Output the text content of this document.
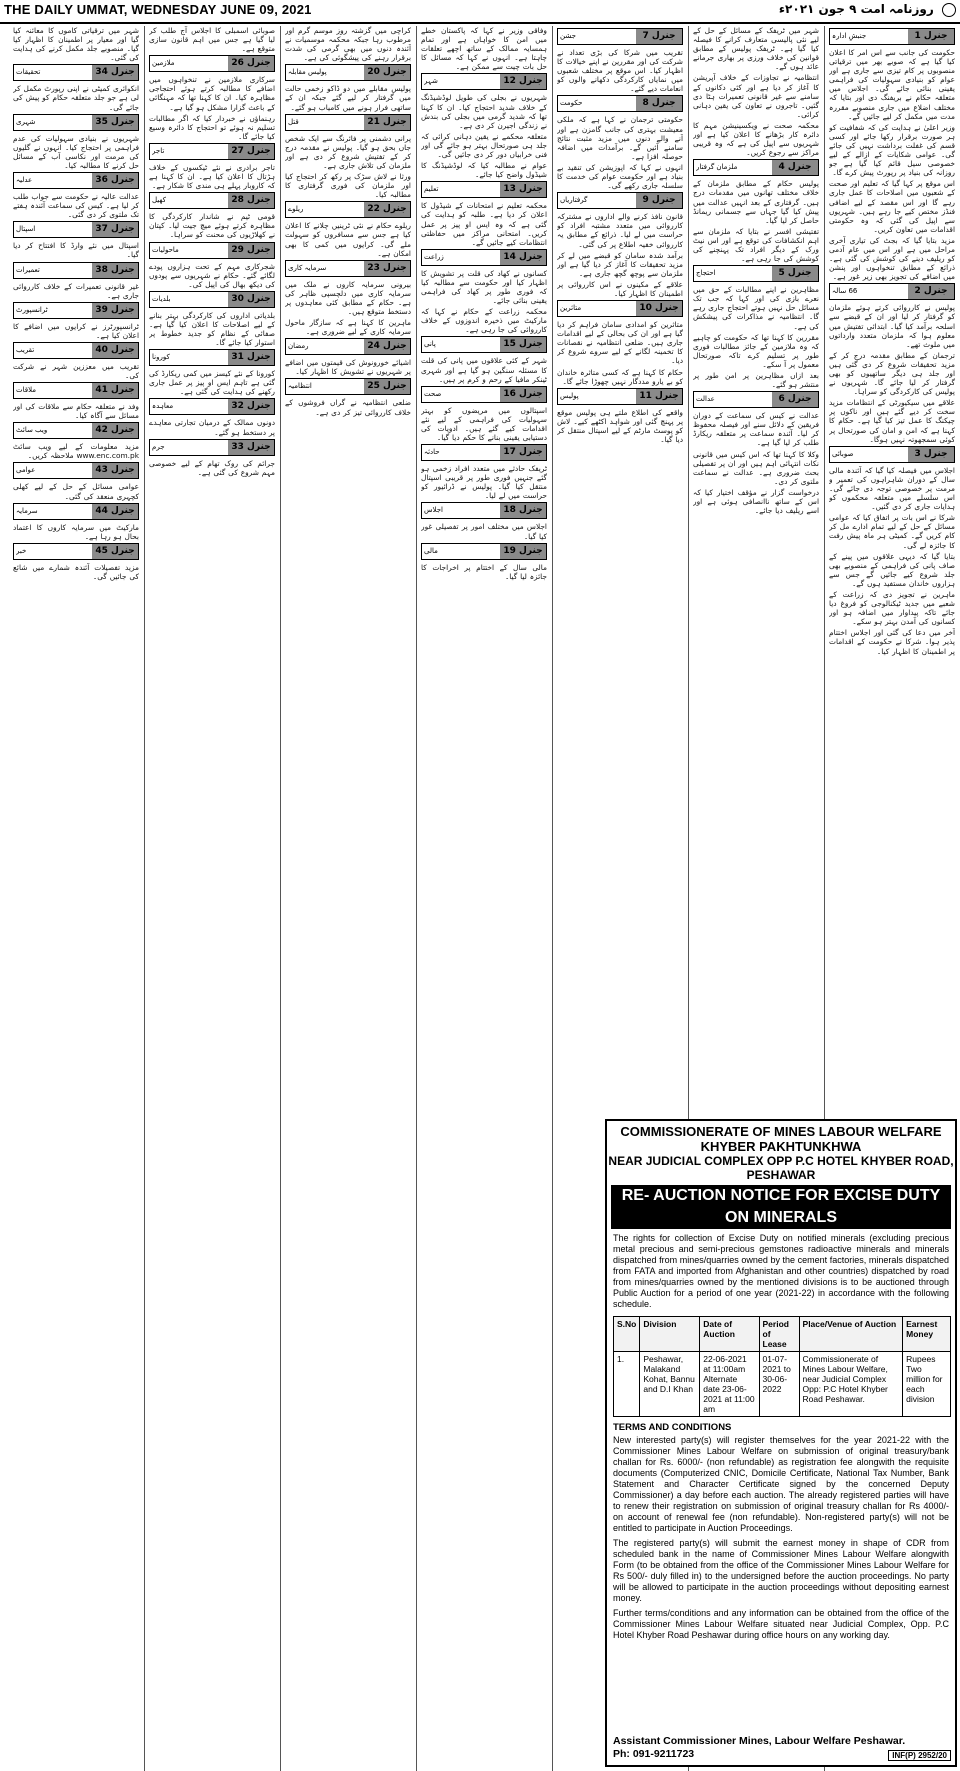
THE DAILY UMMAT, WEDNESDAY JUNE 09, 2021	روزنامہ امت ۹ جون ۲۰۲۱ء
جنرل 1
جنبشِ ادارہ

حکومت کی جانب سے اس امر کا اعلان کیا گیا ہے کہ صوبے بھر میں ترقیاتی منصوبوں پر کام تیزی سے جاری ہے اور عوام کو بنیادی سہولیات کی فراہمی یقینی بنائی جائے گی۔ اجلاس میں متعلقہ حکام نے بریفنگ دی اور بتایا کہ مختلف اضلاع میں جاری منصوبے مقررہ مدت میں مکمل کر لیے جائیں گے۔

وزیر اعلیٰ نے ہدایت کی کہ شفافیت کو ہر صورت برقرار رکھا جائے اور کسی قسم کی غفلت برداشت نہیں کی جائے گی۔ عوامی شکایات کے ازالے کے لیے خصوصی سیل قائم کیا گیا ہے جو روزانہ کی بنیاد پر رپورٹ پیش کرے گا۔

اس موقع پر کہا گیا کہ تعلیم اور صحت کے شعبوں میں اصلاحات کا عمل جاری رہے گا اور اس مقصد کے لیے اضافی فنڈز مختص کیے جا رہے ہیں۔ شہریوں سے اپیل کی گئی کہ وہ حکومتی اقدامات میں تعاون کریں۔

مزید بتایا گیا کہ بجٹ کی تیاری آخری مراحل میں ہے اور اس میں عام آدمی کو ریلیف دینے کی کوشش کی گئی ہے۔ ذرائع کے مطابق تنخواہوں اور پنشن میں اضافے کی تجویز بھی زیر غور ہے۔

جنرل 2
66 سالہ

پولیس نے کارروائی کرتے ہوئے ملزمان کو گرفتار کر لیا اور ان کے قبضے سے اسلحہ برآمد کیا گیا۔ ابتدائی تفتیش میں معلوم ہوا کہ ملزمان متعدد وارداتوں میں ملوث تھے۔

ترجمان کے مطابق مقدمہ درج کر کے مزید تحقیقات شروع کر دی گئی ہیں اور جلد ہی دیگر ساتھیوں کو بھی گرفتار کر لیا جائے گا۔ شہریوں نے پولیس کی کارکردگی کو سراہا۔

علاقے میں سیکیورٹی کے انتظامات مزید سخت کر دیے گئے ہیں اور ناکوں پر چیکنگ کا عمل تیز کیا گیا ہے۔ حکام کا کہنا ہے کہ امن و امان کی صورتحال پر کوئی سمجھوتہ نہیں ہوگا۔

جنرل 3
صوبائی

اجلاس میں فیصلہ کیا گیا کہ آئندہ مالی سال کے دوران شاہراہوں کی تعمیر و مرمت پر خصوصی توجہ دی جائے گی۔ اس سلسلے میں متعلقہ محکموں کو ہدایات جاری کر دی گئیں۔

شرکا نے اس بات پر اتفاق کیا کہ عوامی مسائل کے حل کے لیے تمام ادارے مل کر کام کریں گے۔ کمیٹی ہر ماہ پیش رفت کا جائزہ لے گی۔

بتایا گیا کہ دیہی علاقوں میں پینے کے صاف پانی کی فراہمی کے منصوبے بھی جلد شروع کیے جائیں گے جس سے ہزاروں خاندان مستفید ہوں گے۔

ماہرین نے تجویز دی کہ زراعت کے شعبے میں جدید ٹیکنالوجی کو فروغ دیا جائے تاکہ پیداوار میں اضافہ ہو اور کسانوں کی آمدن بہتر ہو سکے۔

آخر میں دعا کی گئی اور اجلاس اختتام پذیر ہوا۔ شرکا نے حکومت کے اقدامات پر اطمینان کا اظہار کیا۔

شہر میں ٹریفک کے مسائل کے حل کے لیے نئی پالیسی متعارف کرانے کا فیصلہ کیا گیا ہے۔ ٹریفک پولیس کے مطابق قوانین کی خلاف ورزی پر بھاری جرمانے عائد ہوں گے۔

انتظامیہ نے تجاوزات کے خلاف آپریشن کا آغاز کر دیا ہے اور کئی دکانوں کے سامنے سے غیر قانونی تعمیرات ہٹا دی گئیں۔ تاجروں نے تعاون کی یقین دہانی کرائی۔

محکمہ صحت نے ویکسینیشن مہم کا دائرہ کار بڑھانے کا اعلان کیا ہے اور شہریوں سے اپیل کی ہے کہ وہ قریبی مراکز سے رجوع کریں۔

جنرل 4
ملزمان گرفتار

پولیس حکام کے مطابق ملزمان کے خلاف مختلف تھانوں میں مقدمات درج ہیں۔ گرفتاری کے بعد انہیں عدالت میں پیش کیا گیا جہاں سے جسمانی ریمانڈ حاصل کر لیا گیا۔

تفتیشی افسر نے بتایا کہ ملزمان سے اہم انکشافات کی توقع ہے اور اس نیٹ ورک کے دیگر افراد تک پہنچنے کی کوشش کی جا رہی ہے۔

جنرل 5
احتجاج

مظاہرین نے اپنے مطالبات کے حق میں نعرے بازی کی اور کہا کہ جب تک مسائل حل نہیں ہوتے احتجاج جاری رہے گا۔ انتظامیہ نے مذاکرات کی پیشکش کی ہے۔

مقررین کا کہنا تھا کہ حکومت کو چاہیے کہ وہ ملازمین کے جائز مطالبات فوری طور پر تسلیم کرے تاکہ صورتحال معمول پر آ سکے۔

بعد ازاں مظاہرین پر امن طور پر منتشر ہو گئے۔

جنرل 6
عدالت

عدالت نے کیس کی سماعت کے دوران فریقین کے دلائل سنے اور فیصلہ محفوظ کر لیا۔ آئندہ سماعت پر متعلقہ ریکارڈ طلب کر لیا گیا ہے۔

وکلا کا کہنا تھا کہ اس کیس میں قانونی نکات انتہائی اہم ہیں اور ان پر تفصیلی بحث ضروری ہے۔ عدالت نے سماعت ملتوی کر دی۔

درخواست گزار نے مؤقف اختیار کیا کہ اس کے ساتھ ناانصافی ہوئی ہے اور اسے ریلیف دیا جائے۔

جنرل 7
جشن

تقریب میں شرکا کی بڑی تعداد نے شرکت کی اور مقررین نے اپنے خیالات کا اظہار کیا۔ اس موقع پر مختلف شعبوں میں نمایاں کارکردگی دکھانے والوں کو انعامات دیے گئے۔

جنرل 8
حکومت

حکومتی ترجمان نے کہا ہے کہ ملکی معیشت بہتری کی جانب گامزن ہے اور آنے والے دنوں میں مزید مثبت نتائج سامنے آئیں گے۔ برآمدات میں اضافہ حوصلہ افزا ہے۔

انہوں نے کہا کہ اپوزیشن کی تنقید بے بنیاد ہے اور حکومت عوام کی خدمت کا سلسلہ جاری رکھے گی۔

جنرل 9
گرفتاریاں

قانون نافذ کرنے والے اداروں نے مشترکہ کارروائی میں متعدد مشتبہ افراد کو حراست میں لے لیا۔ ذرائع کے مطابق یہ کارروائی خفیہ اطلاع پر کی گئی۔

برآمد شدہ سامان کو قبضے میں لے کر مزید تحقیقات کا آغاز کر دیا گیا ہے اور ملزمان سے پوچھ گچھ جاری ہے۔

علاقے کے مکینوں نے اس کارروائی پر اطمینان کا اظہار کیا۔

جنرل 10
متاثرین

متاثرین کو امدادی سامان فراہم کر دیا گیا ہے اور ان کی بحالی کے لیے اقدامات جاری ہیں۔ ضلعی انتظامیہ نے نقصانات کا تخمینہ لگانے کے لیے سروے شروع کر دیا۔

حکام کا کہنا ہے کہ کسی متاثرہ خاندان کو بے یارو مددگار نہیں چھوڑا جائے گا۔

جنرل 11
پولیس

واقعے کی اطلاع ملتے ہی پولیس موقع پر پہنچ گئی اور شواہد اکٹھے کیے۔ لاش کو پوسٹ مارٹم کے لیے اسپتال منتقل کر دیا گیا۔

وفاقی وزیر نے کہا کہ پاکستان خطے میں امن کا خواہاں ہے اور تمام ہمسایہ ممالک کے ساتھ اچھے تعلقات چاہتا ہے۔ انہوں نے کہا کہ مسائل کا حل بات چیت سے ممکن ہے۔

جنرل 12
شہر

شہریوں نے بجلی کی طویل لوڈشیڈنگ کے خلاف شدید احتجاج کیا۔ ان کا کہنا تھا کہ شدید گرمی میں بجلی کی بندش نے زندگی اجیرن کر دی ہے۔

متعلقہ محکمے نے یقین دہانی کرائی کہ جلد ہی صورتحال بہتر ہو جائے گی اور فنی خرابیاں دور کر دی جائیں گی۔

عوام نے مطالبہ کیا کہ لوڈشیڈنگ کا شیڈول واضح کیا جائے۔

جنرل 13
تعلیم

محکمہ تعلیم نے امتحانات کے شیڈول کا اعلان کر دیا ہے۔ طلبہ کو ہدایت کی گئی ہے کہ وہ ایس او پیز پر عمل کریں۔ امتحانی مراکز میں حفاظتی انتظامات کیے جائیں گے۔

جنرل 14
زراعت

کسانوں نے کھاد کی قلت پر تشویش کا اظہار کیا اور حکومت سے مطالبہ کیا کہ فوری طور پر کھاد کی فراہمی یقینی بنائی جائے۔

محکمہ زراعت کے حکام نے کہا کہ مارکیٹ میں ذخیرہ اندوزوں کے خلاف کارروائی کی جا رہی ہے۔

جنرل 15
پانی

شہر کے کئی علاقوں میں پانی کی قلت کا مسئلہ سنگین ہو گیا ہے اور شہری ٹینکر مافیا کے رحم و کرم پر ہیں۔

جنرل 16
صحت

اسپتالوں میں مریضوں کو بہتر سہولیات کی فراہمی کے لیے نئے اقدامات کیے گئے ہیں۔ ادویات کی دستیابی یقینی بنانے کا حکم دیا گیا۔

جنرل 17
حادثہ

ٹریفک حادثے میں متعدد افراد زخمی ہو گئے جنہیں فوری طور پر قریبی اسپتال منتقل کیا گیا۔ پولیس نے ڈرائیور کو حراست میں لے لیا۔

جنرل 18
اجلاس

اجلاس میں مختلف امور پر تفصیلی غور کیا گیا۔

جنرل 19
مالی

مالی سال کے اختتام پر اخراجات کا جائزہ لیا گیا۔

کراچی میں گزشتہ روز موسم گرم اور مرطوب رہا جبکہ محکمہ موسمیات نے آئندہ دنوں میں بھی گرمی کی شدت برقرار رہنے کی پیشگوئی کی ہے۔

جنرل 20
پولیس مقابلہ

پولیس مقابلے میں دو ڈاکو زخمی حالت میں گرفتار کر لیے گئے جبکہ ان کے ساتھی فرار ہونے میں کامیاب ہو گئے۔

جنرل 21
قتل

پرانی دشمنی پر فائرنگ سے ایک شخص جاں بحق ہو گیا۔ پولیس نے مقدمہ درج کر کے تفتیش شروع کر دی ہے اور ملزمان کی تلاش جاری ہے۔

ورثا نے لاش سڑک پر رکھ کر احتجاج کیا اور ملزمان کی فوری گرفتاری کا مطالبہ کیا۔

جنرل 22
ریلوے

ریلوے حکام نے نئی ٹرینیں چلانے کا اعلان کیا ہے جس سے مسافروں کو سہولت ملے گی۔ کرایوں میں کمی کا بھی امکان ہے۔

جنرل 23
سرمایہ کاری

بیرونی سرمایہ کاروں نے ملک میں سرمایہ کاری میں دلچسپی ظاہر کی ہے۔ حکام کے مطابق کئی معاہدوں پر دستخط متوقع ہیں۔

ماہرین کا کہنا ہے کہ سازگار ماحول سرمایہ کاری کے لیے ضروری ہے۔

جنرل 24
رمضان

اشیائے خورونوش کی قیمتوں میں اضافے پر شہریوں نے تشویش کا اظہار کیا۔

جنرل 25
انتظامیہ

ضلعی انتظامیہ نے گراں فروشوں کے خلاف کارروائی تیز کر دی ہے۔

صوبائی اسمبلی کا اجلاس آج طلب کر لیا گیا ہے جس میں اہم قانون سازی متوقع ہے۔

جنرل 26
ملازمین

سرکاری ملازمین نے تنخواہوں میں اضافے کا مطالبہ کرتے ہوئے احتجاجی مظاہرہ کیا۔ ان کا کہنا تھا کہ مہنگائی کے باعث گزارا مشکل ہو گیا ہے۔

رہنماؤں نے خبردار کیا کہ اگر مطالبات تسلیم نہ ہوئے تو احتجاج کا دائرہ وسیع کیا جائے گا۔

جنرل 27
تاجر

تاجر برادری نے نئے ٹیکسوں کے خلاف ہڑتال کا اعلان کیا ہے۔ ان کا کہنا ہے کہ کاروبار پہلے ہی مندی کا شکار ہے۔

جنرل 28
کھیل

قومی ٹیم نے شاندار کارکردگی کا مظاہرہ کرتے ہوئے میچ جیت لیا۔ کپتان نے کھلاڑیوں کی محنت کو سراہا۔

جنرل 29
ماحولیات

شجرکاری مہم کے تحت ہزاروں پودے لگائے گئے۔ حکام نے شہریوں سے پودوں کی دیکھ بھال کی اپیل کی۔

جنرل 30
بلدیات

بلدیاتی اداروں کی کارکردگی بہتر بنانے کے لیے اصلاحات کا اعلان کیا گیا ہے۔ صفائی کے نظام کو جدید خطوط پر استوار کیا جائے گا۔

جنرل 31
کورونا

کورونا کے نئے کیسز میں کمی ریکارڈ کی گئی ہے تاہم ایس او پیز پر عمل جاری رکھنے کی ہدایت کی گئی ہے۔

جنرل 32
معاہدہ

دونوں ممالک کے درمیان تجارتی معاہدے پر دستخط ہو گئے۔

جنرل 33
جرم

جرائم کی روک تھام کے لیے خصوصی مہم شروع کی گئی ہے۔

شہر میں ترقیاتی کاموں کا معائنہ کیا گیا اور معیار پر اطمینان کا اظہار کیا گیا۔ منصوبے جلد مکمل کرنے کی ہدایت کی گئی۔

جنرل 34
تحقیقات

انکوائری کمیٹی نے اپنی رپورٹ مکمل کر لی ہے جو جلد متعلقہ حکام کو پیش کی جائے گی۔

جنرل 35
شہری

شہریوں نے بنیادی سہولیات کی عدم فراہمی پر احتجاج کیا۔ انہوں نے گلیوں کی مرمت اور نکاسی آب کے مسائل حل کرنے کا مطالبہ کیا۔

جنرل 36
عدلیہ

عدالت عالیہ نے حکومت سے جواب طلب کر لیا ہے۔ کیس کی سماعت آئندہ ہفتے تک ملتوی کر دی گئی۔

جنرل 37
اسپتال

اسپتال میں نئے وارڈ کا افتتاح کر دیا گیا۔

جنرل 38
تعمیرات

غیر قانونی تعمیرات کے خلاف کارروائی جاری ہے۔

جنرل 39
ٹرانسپورٹ

ٹرانسپورٹرز نے کرایوں میں اضافے کا اعلان کیا ہے۔

جنرل 40
تقریب

تقریب میں معززین شہر نے شرکت کی۔

جنرل 41
ملاقات

وفد نے متعلقہ حکام سے ملاقات کی اور مسائل سے آگاہ کیا۔

جنرل 42
ویب سائٹ

مزید معلومات کے لیے ویب سائٹ www.enc.com.pk ملاحظہ کریں۔

جنرل 43
عوامی

عوامی مسائل کے حل کے لیے کھلی کچہری منعقد کی گئی۔

جنرل 44
سرمایہ

مارکیٹ میں سرمایہ کاروں کا اعتماد بحال ہو رہا ہے۔

جنرل 45
خبر

مزید تفصیلات آئندہ شمارے میں شائع کی جائیں گی۔

COMMISSIONERATE OF MINES LABOUR WELFARE KHYBER PAKHTUNKHWA
NEAR JUDICIAL COMPLEX OPP P.C HOTEL KHYBER ROAD, PESHAWAR
RE- AUCTION NOTICE FOR EXCISE DUTY ON MINERALS
The rights for collection of Excise Duty on notified minerals (excluding precious metal precious and semi-precious gemstones radioactive minerals and minerals dispatched from mines/quarries owned by the cement factories, minerals dispatched from FATA and imported from Afghanistan and other countries) dispatched by road from mines/quarries owned by the mentioned divisions is to be auctioned through Public Auction for a period of one year (2021-22) in accordance with the following schedule.
S.No	Division	Date of Auction	Period of Lease	Place/Venue of Auction	Earnest Money
1.	Peshawar, Malakand Kohat, Bannu and D.I Khan	22-06-2021 at 11:00am Alternate date 23-06-2021 at 11:00 am	01-07-2021 to 30-06-2022	Commissionerate of Mines Labour Welfare, near Judicial Complex Opp: P.C Hotel Khyber Road Peshawar.	Rupees Two million for each division
TERMS AND CONDITIONS
New interested party(s) will register themselves for the year 2021-22 with the Commissioner Mines Labour Welfare on submission of original treasury/bank challan for Rs. 6000/- (non refundable) as registration fee alongwith the requisite documents (Computerized CNIC, Domicile Certificate, National Tax Number, Bank Statement and Character Certificate signed by the concerned Deputy Commissioner) a day before each auction. The already registered parties will have to renew their registration on submission of original treasury challan for Rs 4000/- on account of renewal fee (non refundable). Non-registered party(s) will not be entitled to participate in Auction Proceedings.
The registered party(s) will submit the earnest money in shape of CDR from scheduled bank in the name of Commissioner Mines Labour Welfare alongwith Form (to be obtained from the office of the Commissioner Mines Labour Welfare for Rs 500/- duly filled in) to the undersigned before the auction proceedings. No party will be allowed to participate in the auction proceedings without depositing earnest money.
Further terms/conditions and any information can be obtained from the office of the Commissioner Mines Labour Welfare situated near Judicial Complex, Opp. P.C Hotel Khyber Road Peshawar during office hours on any working day.
Assistant Commissioner Mines, Labour Welfare Peshawar.
Ph: 091-9211723	INF(P) 2952/20
